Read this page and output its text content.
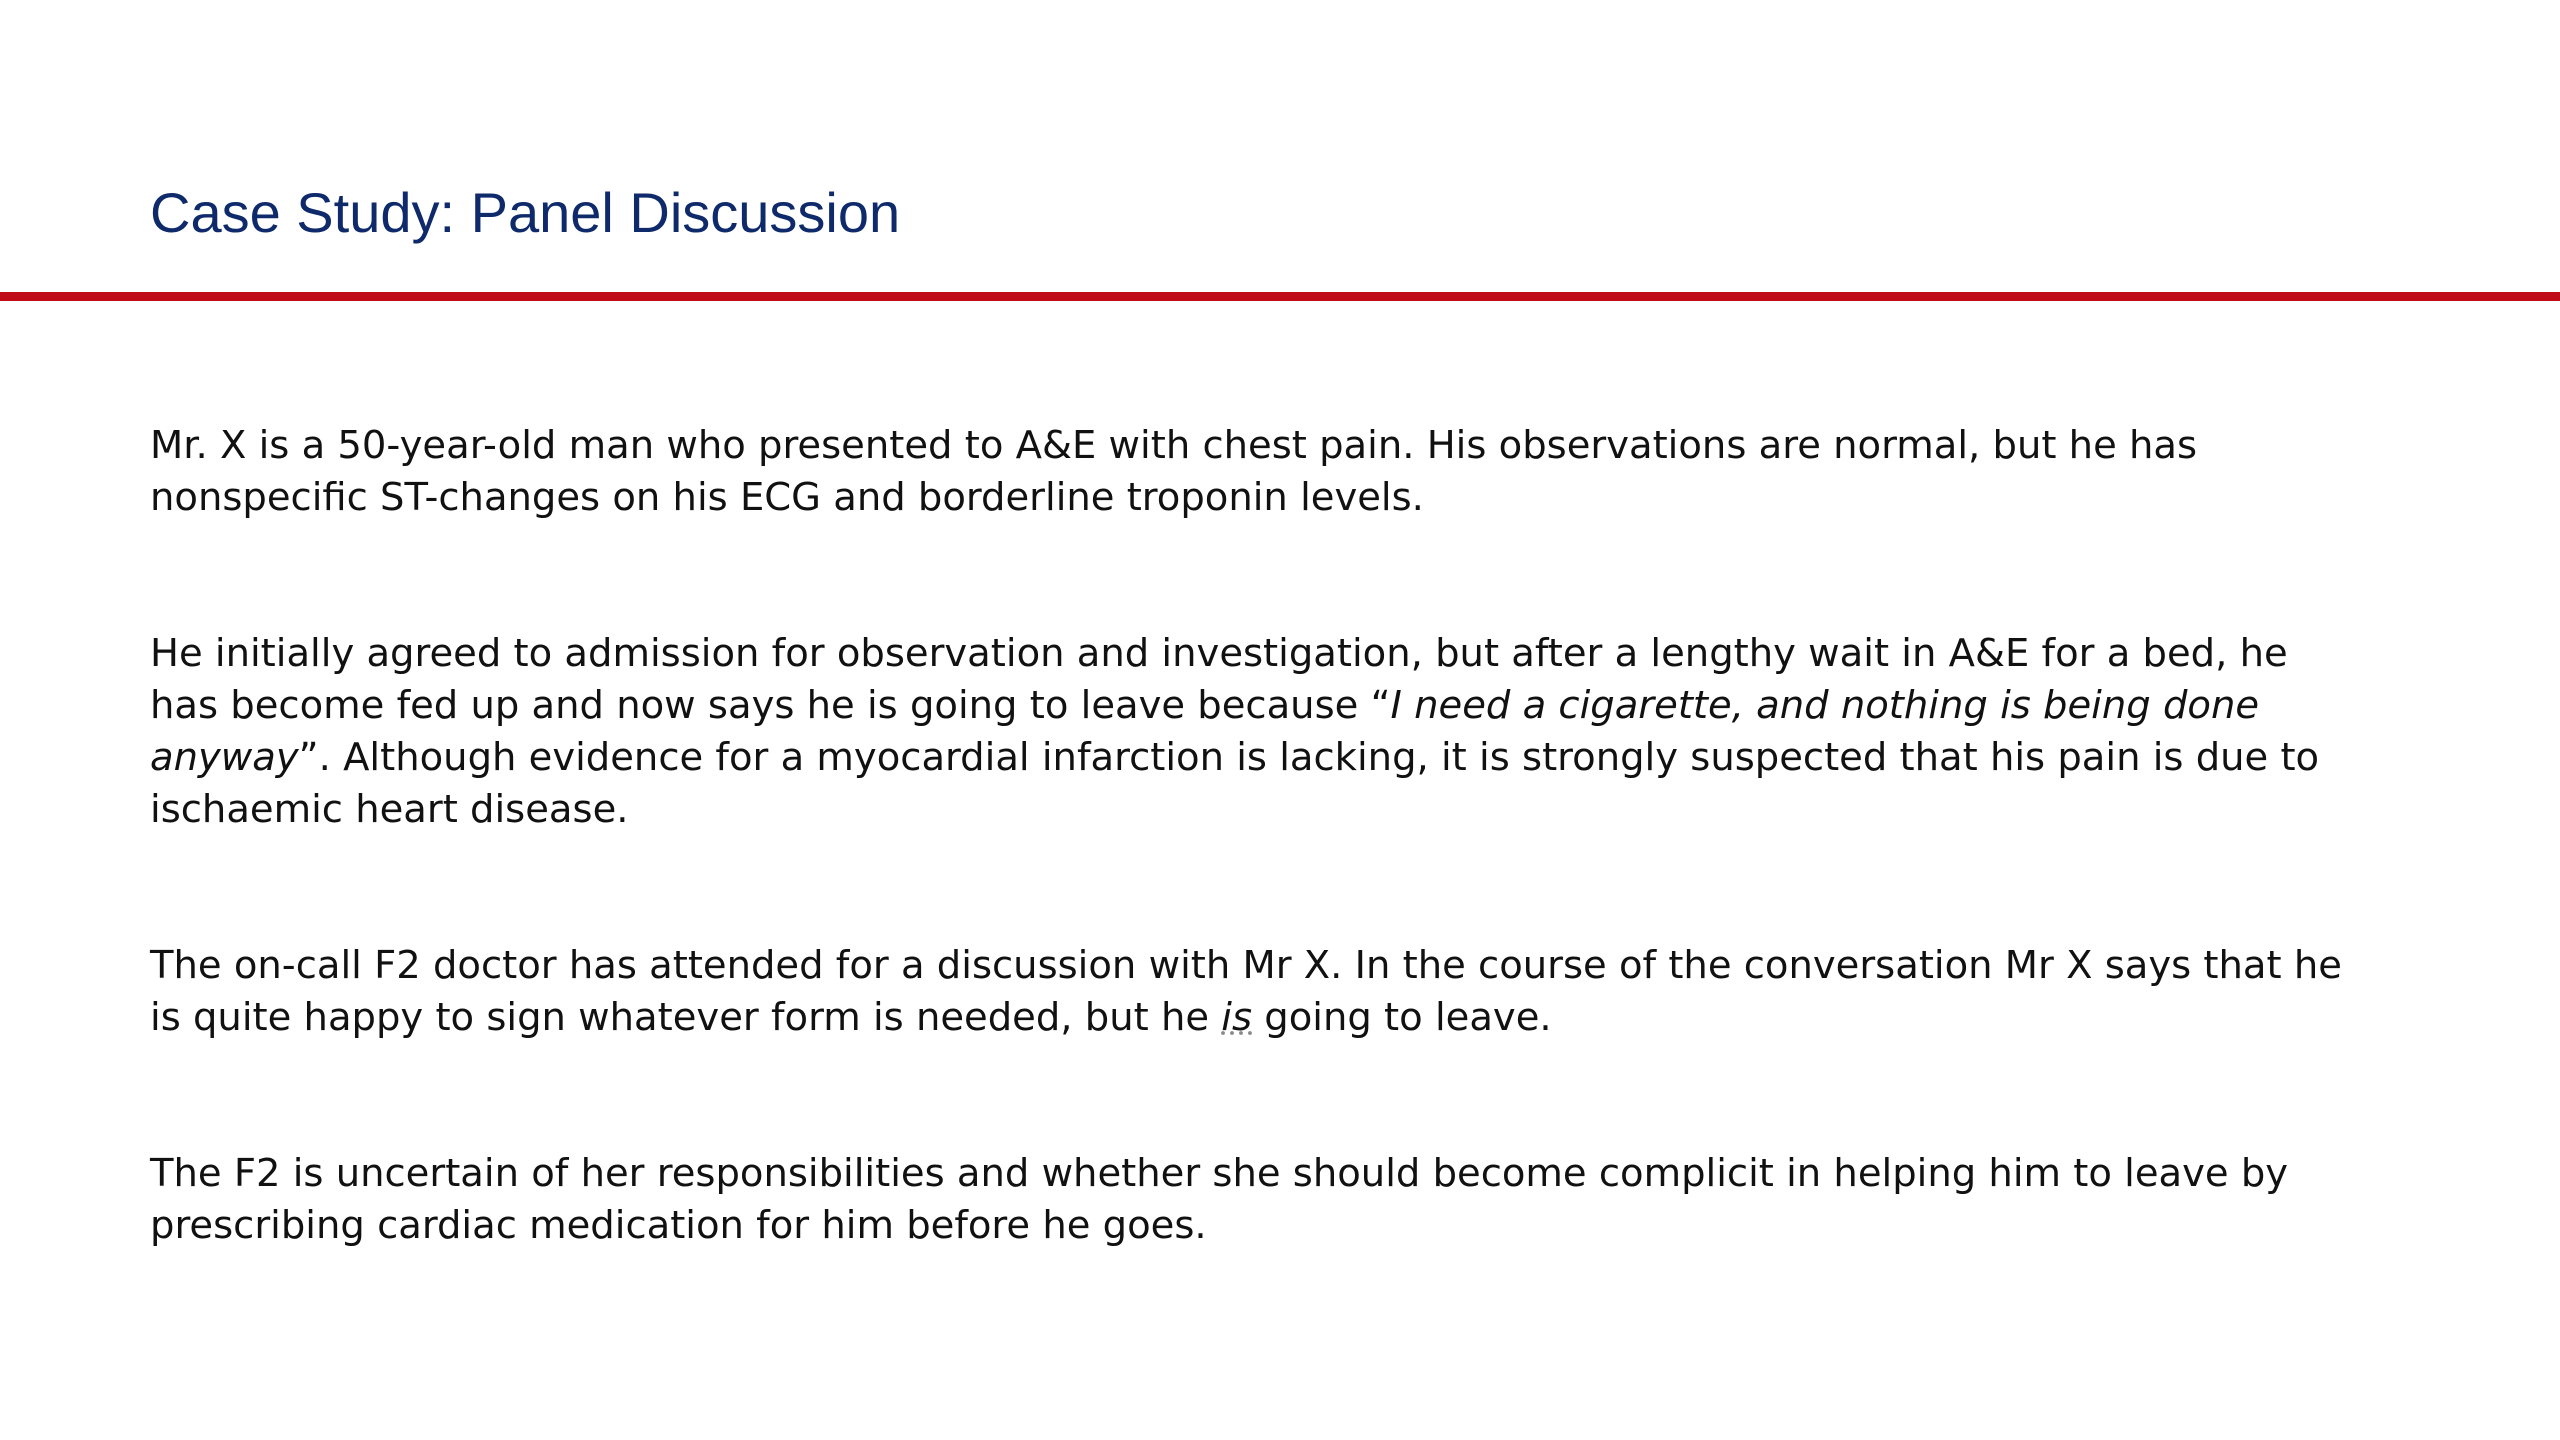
Case Study: Panel Discussion

Mr. X is a 50-year-old man who presented to A&E with chest pain. His observations are normal, but he has
nonspecific ST-changes on his ECG and borderline troponin levels.

He initially agreed to admission for observation and investigation, but after a lengthy wait in A&E for a bed, he
has become fed up and now says he is going to leave because “I need a cigarette, and nothing is being done
anyway”. Although evidence for a myocardial infarction is lacking, it is strongly suspected that his pain is due to
ischaemic heart disease.

The on-call F2 doctor has attended for a discussion with Mr X. In the course of the conversation Mr X says that he
is quite happy to sign whatever form is needed, but he is going to leave.

The F2 is uncertain of her responsibilities and whether she should become complicit in helping him to leave by
prescribing cardiac medication for him before he goes.
